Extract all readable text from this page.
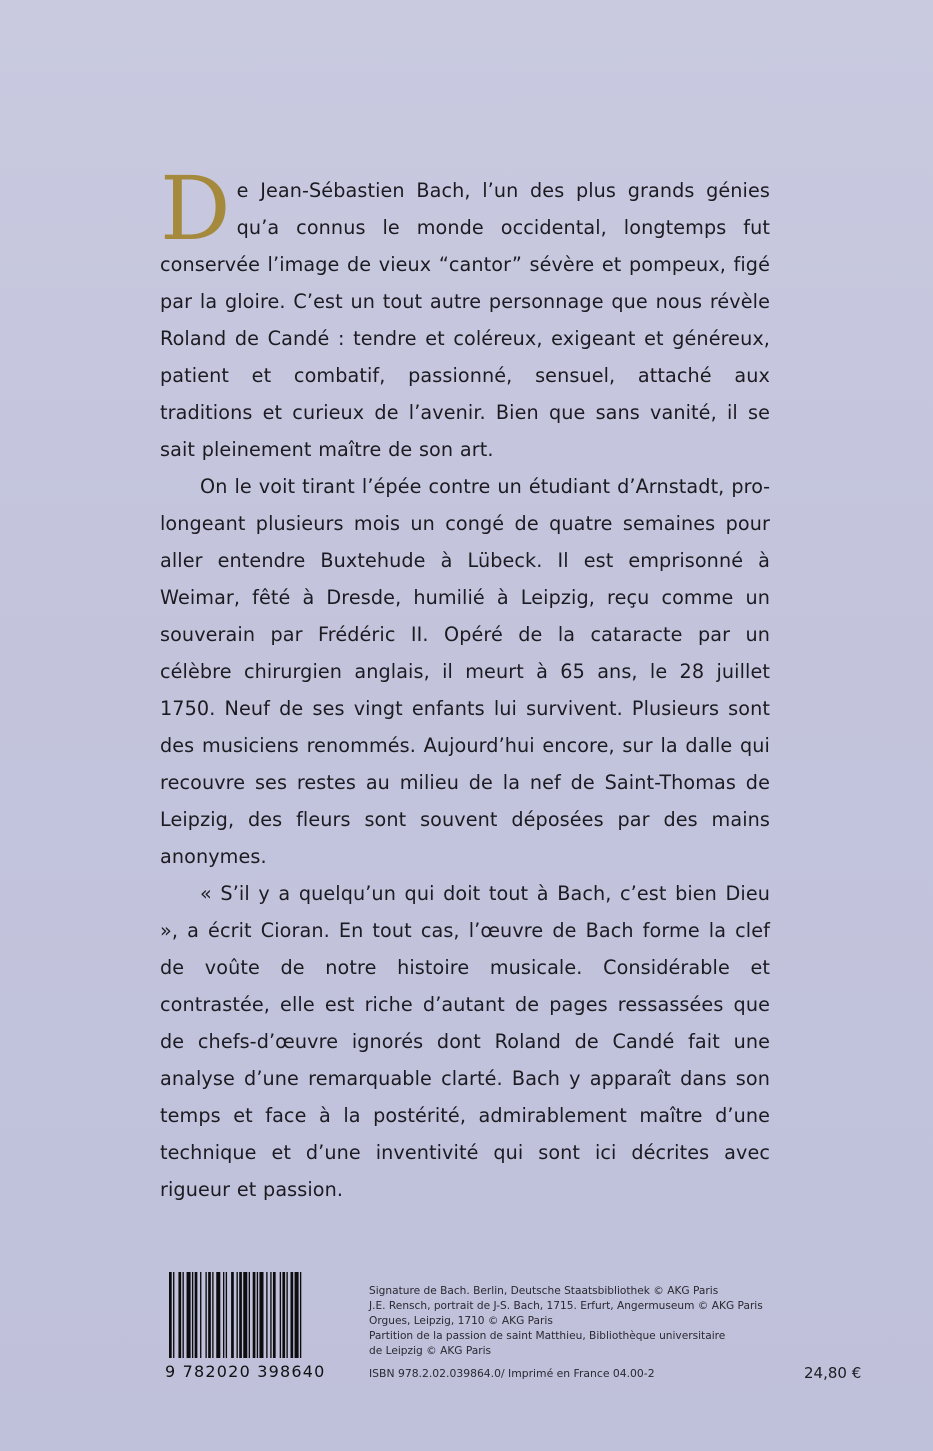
De Jean-Sébastien Bach, l’un des plus grands génies qu’a connus le monde occidental, longtemps fut conservée l’image de vieux “cantor” sévère et pompeux, figé par la gloire. C’est un tout autre personnage que nous révèle Roland de Candé : tendre et coléreux, exigeant et généreux, patient et combatif, passionné, sensuel, attaché aux traditions et curieux de l’avenir. Bien que sans vanité, il se sait pleinement maître de son art.

On le voit tirant l’épée contre un étudiant d’Arnstadt, prolongeant plusieurs mois un congé de quatre semaines pour aller entendre Buxtehude à Lübeck. Il est emprisonné à Weimar, fêté à Dresde, humilié à Leipzig, reçu comme un souverain par Frédéric II. Opéré de la cataracte par un célèbre chirurgien anglais, il meurt à 65 ans, le 28 juillet 1750. Neuf de ses vingt enfants lui survivent. Plusieurs sont des musiciens renommés. Aujourd’hui encore, sur la dalle qui recouvre ses restes au milieu de la nef de Saint-Thomas de Leipzig, des fleurs sont souvent déposées par des mains anonymes.

« S’il y a quelqu’un qui doit tout à Bach, c’est bien Dieu », a écrit Cioran. En tout cas, l’œuvre de Bach forme la clef de voûte de notre histoire musicale. Considérable et contrastée, elle est riche d’autant de pages ressassées que de chefs-d’œuvre ignorés dont Roland de Candé fait une analyse d’une remarquable clarté. Bach y apparaît dans son temps et face à la postérité, admirablement maître d’une technique et d’une inventivité qui sont ici décrites avec rigueur et passion.

9 782020 398640
Signature de Bach. Berlin, Deutsche Staatsbibliothek © AKG Paris
J.E. Rensch, portrait de J-S. Bach, 1715. Erfurt, Angermuseum © AKG Paris
Orgues, Leipzig, 1710 © AKG Paris
Partition de la passion de saint Matthieu, Bibliothèque universitaire
de Leipzig © AKG Paris
ISBN 978.2.02.039864.0/ Imprimé en France 04.00-2	24,80 €
